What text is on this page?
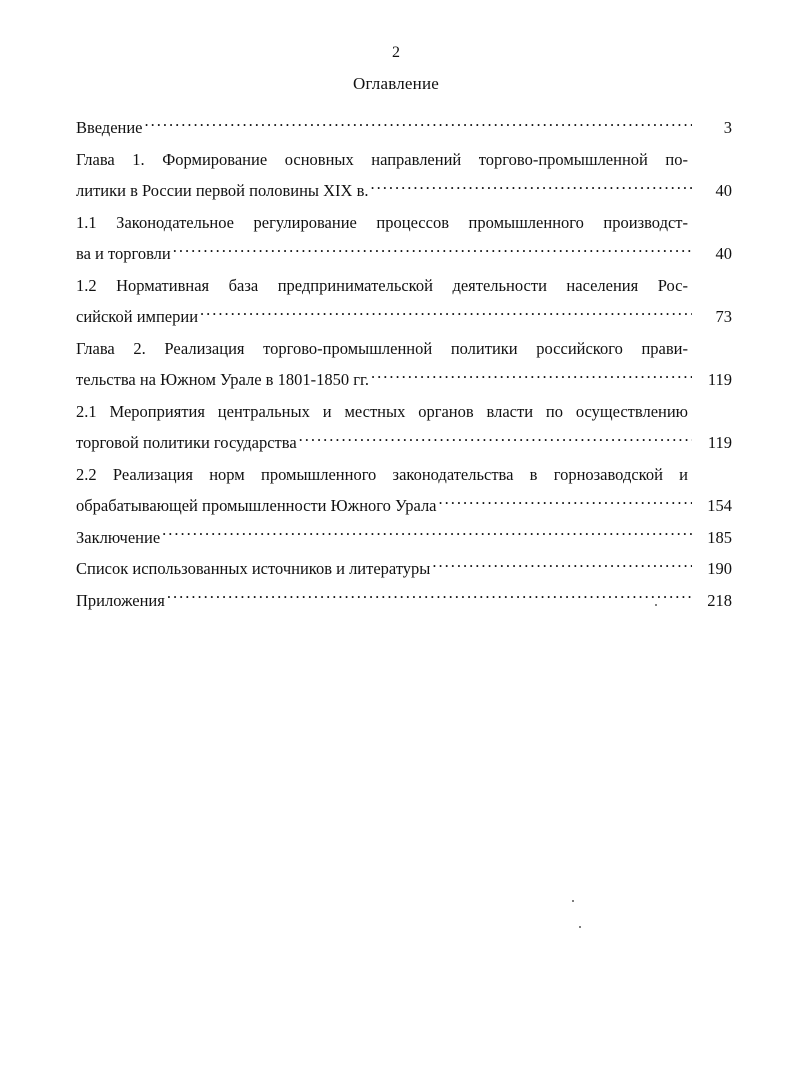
2
Оглавление
Введение .....	3
Глава 1. Формирование основных направлений торгово-промышленной по-
литики в России первой половины XIX в. .....	40
1.1 Законодательное регулирование процессов промышленного производст-
ва и торговли .....	40
1.2 Нормативная база предпринимательской деятельности населения Рос-
сийской империи .....	73
Глава 2. Реализация торгово-промышленной политики российского прави-
тельства на Южном Урале в 1801-1850 гг. .....	119
2.1 Мероприятия центральных и местных органов власти по осуществлению
торговой политики государства .....	119
2.2 Реализация норм промышленного законодательства в горнозаводской и
обрабатывающей промышленности Южного Урала .....	154
Заключение .....	185
Список использованных источников и литературы .....	190
Приложения .....	218
